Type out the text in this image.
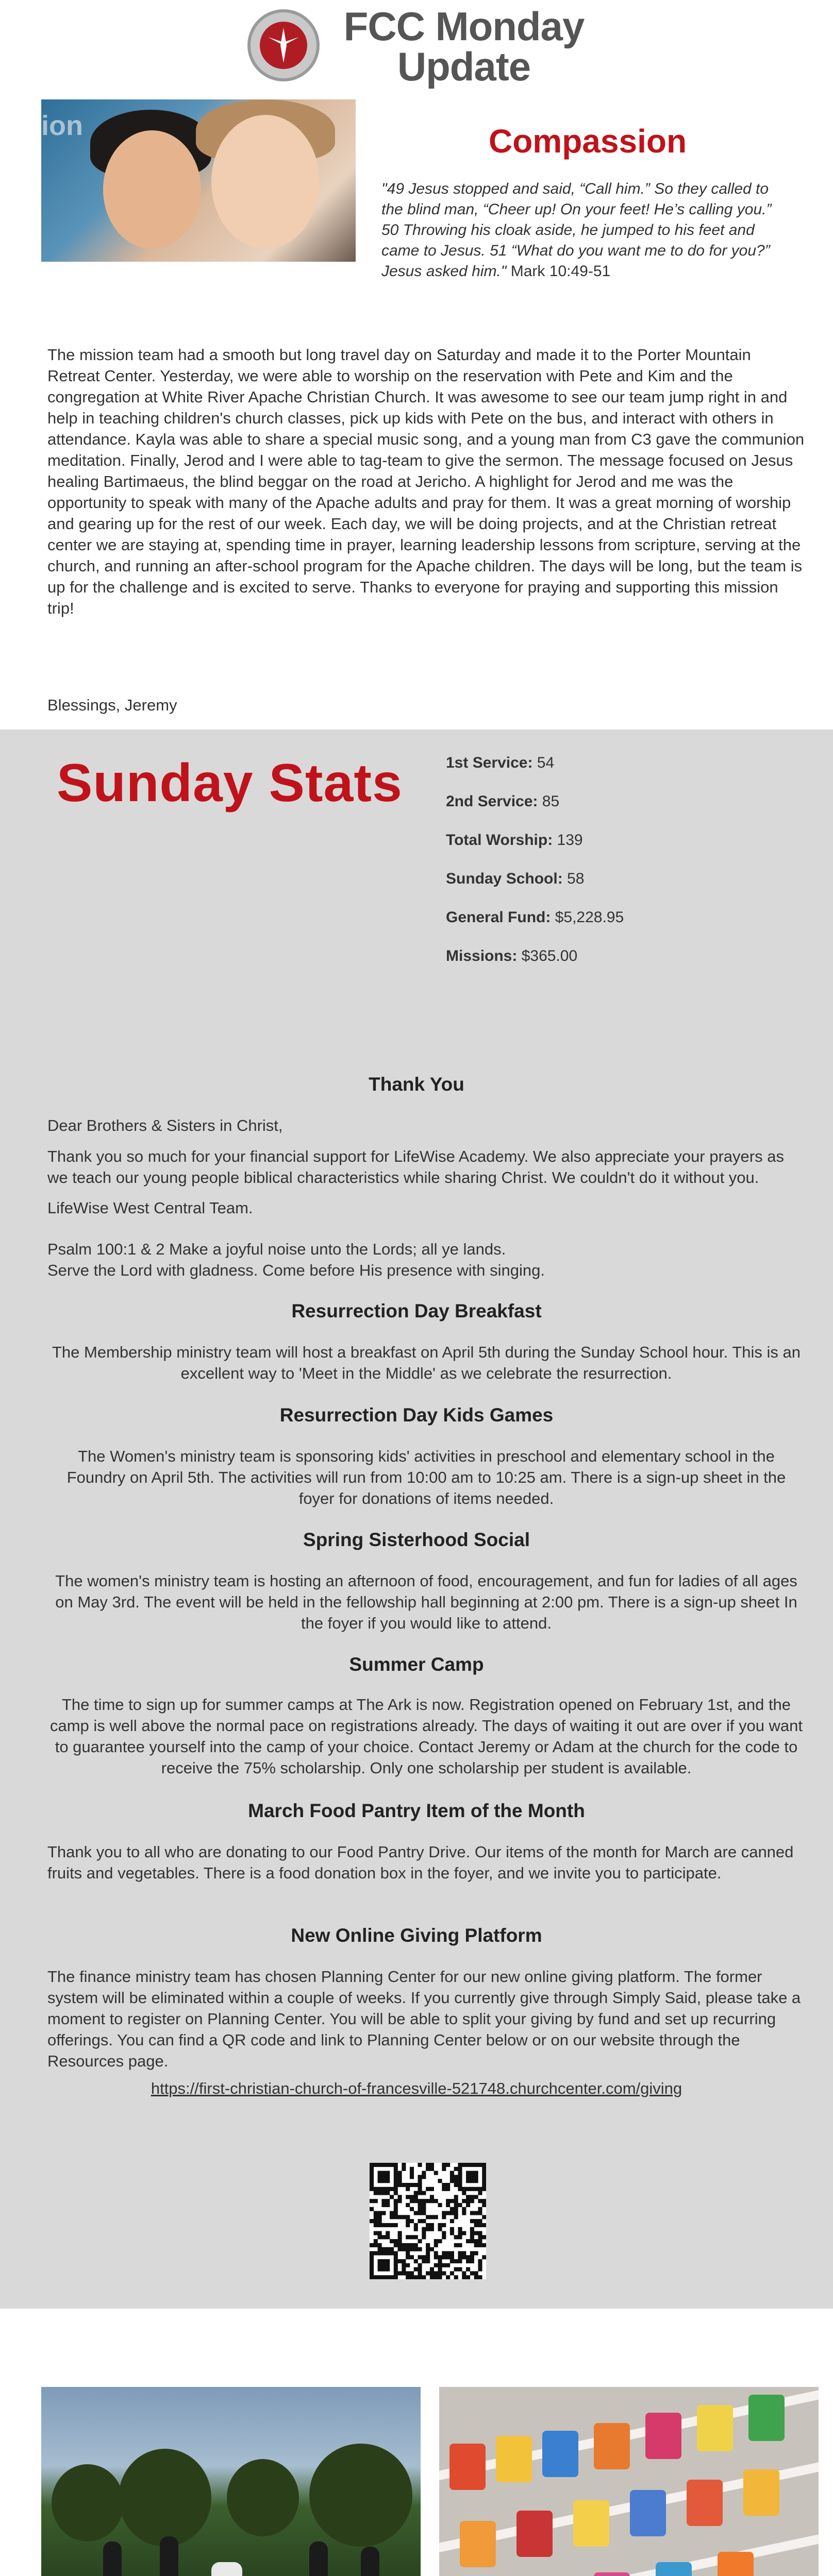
FCC Monday
Update
ion	Compassion
"49 Jesus stopped and said, “Call him.” So they called to the blind man, “Cheer up! On your feet! He’s calling you.” 50 Throwing his cloak aside, he jumped to his feet and came to Jesus. 51 “What do you want me to do for you?” Jesus asked him." Mark 10:49-51
The mission team had a smooth but long travel day on Saturday and made it to the Porter Mountain Retreat Center. Yesterday, we were able to worship on the reservation with Pete and Kim and the congregation at White River Apache Christian Church. It was awesome to see our team jump right in and help in teaching children's church classes, pick up kids with Pete on the bus, and interact with others in attendance. Kayla was able to share a special music song, and a young man from C3 gave the communion meditation. Finally, Jerod and I were able to tag-team to give the sermon. The message focused on Jesus healing Bartimaeus, the blind beggar on the road at Jericho. A highlight for Jerod and me was the opportunity to speak with many of the Apache adults and pray for them. It was a great morning of worship and gearing up for the rest of our week. Each day, we will be doing projects, and at the Christian retreat center we are staying at, spending time in prayer, learning leadership lessons from scripture, serving at the church, and running an after-school program for the Apache children. The days will be long, but the team is up for the challenge and is excited to serve. Thanks to everyone for praying and supporting this mission trip!
Blessings, Jeremy
Sunday Stats	1st Service: 54
2nd Service: 85
Total Worship: 139
Sunday School: 58
General Fund: $5,228.95
Missions: $365.00
Thank You
Dear Brothers & Sisters in Christ,
Thank you so much for your financial support for LifeWise Academy. We also appreciate your prayers as we teach our young people biblical characteristics while sharing Christ. We couldn't do it without you.
LifeWise West Central Team.
Psalm 100:1 & 2 Make a joyful noise unto the Lords; all ye lands.
Serve the Lord with gladness. Come before His presence with singing.
Resurrection Day Breakfast
The Membership ministry team will host a breakfast on April 5th during the Sunday School hour. This is an excellent way to 'Meet in the Middle' as we celebrate the resurrection.
Resurrection Day Kids Games
The Women's ministry team is sponsoring kids' activities in preschool and elementary school in the Foundry on April 5th. The activities will run from 10:00 am to 10:25 am. There is a sign-up sheet in the foyer for donations of items needed.
Spring Sisterhood Social
The women's ministry team is hosting an afternoon of food, encouragement, and fun for ladies of all ages on May 3rd. The event will be held in the fellowship hall beginning at 2:00 pm. There is a sign-up sheet In the foyer if you would like to attend.
Summer Camp
The time to sign up for summer camps at The Ark is now. Registration opened on February 1st, and the camp is well above the normal pace on registrations already. The days of waiting it out are over if you want to guarantee yourself into the camp of your choice. Contact Jeremy or Adam at the church for the code to receive the 75% scholarship. Only one scholarship per student is available.
March Food Pantry Item of the Month
Thank you to all who are donating to our Food Pantry Drive. Our items of the month for March are canned fruits and vegetables. There is a food donation box in the foyer, and we invite you to participate.
New Online Giving Platform
The finance ministry team has chosen Planning Center for our new online giving platform. The former system will be eliminated within a couple of weeks. If you currently give through Simply Said, please take a moment to register on Planning Center. You will be able to split your giving by fund and set up recurring offerings. You can find a QR code and link to Planning Center below or on our website through the Resources page.
https://first-christian-church-of-francesville-521748.churchcenter.com/giving
